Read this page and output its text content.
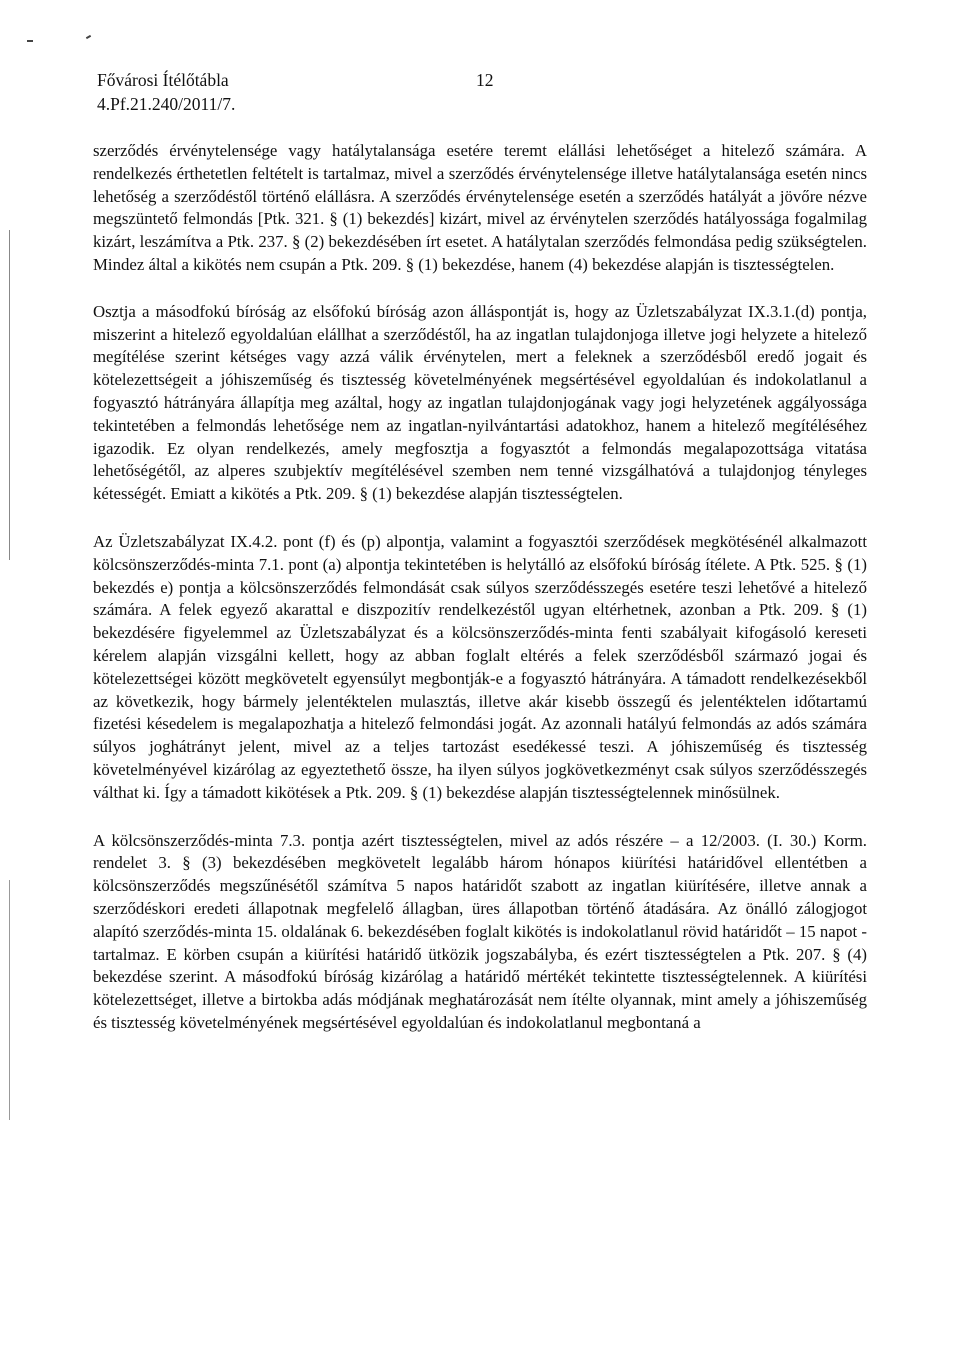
Fővárosi Ítélőtábla
4.Pf.21.240/2011/7.
12

szerződés érvénytelensége vagy hatálytalansága esetére teremt elállási lehetőséget a hitelező számára. A rendelkezés érthetetlen feltételt is tartalmaz, mivel a szerződés érvénytelensége illetve hatálytalansága esetén nincs lehetőség a szerződéstől történő elállásra. A szerződés érvénytelensége esetén a szerződés hatályát a jövőre nézve megszüntető felmondás [Ptk. 321. § (1) bekezdés] kizárt, mivel az érvénytelen szerződés hatályossága fogalmilag kizárt, leszámítva a Ptk. 237. § (2) bekezdésében írt esetet. A hatálytalan szerződés felmondása pedig szükségtelen. Mindez által a kikötés nem csupán a Ptk. 209. § (1) bekezdése, hanem (4) bekezdése alapján is tisztességtelen.

Osztja a másodfokú bíróság az elsőfokú bíróság azon álláspontját is, hogy az Üzletszabályzat IX.3.1.(d) pontja, miszerint a hitelező egyoldalúan elállhat a szerződéstől, ha az ingatlan tulajdonjoga illetve jogi helyzete a hitelező megítélése szerint kétséges vagy azzá válik érvénytelen, mert a feleknek a szerződésből eredő jogait és kötelezettségeit a jóhiszeműség és tisztesség követelményének megsértésével egyoldalúan és indokolatlanul a fogyasztó hátrányára állapítja meg azáltal, hogy az ingatlan tulajdonjogának vagy jogi helyzetének aggályossága tekintetében a felmondás lehetősége nem az ingatlan-nyilvántartási adatokhoz, hanem a hitelező megítéléséhez igazodik. Ez olyan rendelkezés, amely megfosztja a fogyasztót a felmondás megalapozottsága vitatása lehetőségétől, az alperes szubjektív megítélésével szemben nem tenné vizsgálhatóvá a tulajdonjog tényleges kétességét. Emiatt a kikötés a Ptk. 209. § (1) bekezdése alapján tisztességtelen.

Az Üzletszabályzat IX.4.2. pont (f) és (p) alpontja, valamint a fogyasztói szerződések megkötésénél alkalmazott kölcsönszerződés-minta 7.1. pont (a) alpontja tekintetében is helytálló az elsőfokú bíróság ítélete. A Ptk. 525. § (1) bekezdés e) pontja a kölcsönszerződés felmondását csak súlyos szerződésszegés esetére teszi lehetővé a hitelező számára. A felek egyező akarattal e diszpozitív rendelkezéstől ugyan eltérhetnek, azonban a Ptk. 209. § (1) bekezdésére figyelemmel az Üzletszabályzat és a kölcsönszerződés-minta fenti szabályait kifogásoló kereseti kérelem alapján vizsgálni kellett, hogy az abban foglalt eltérés a felek szerződésből származó jogai és kötelezettségei között megkövetelt egyensúlyt megbontják-e a fogyasztó hátrányára. A támadott rendelkezésekből az következik, hogy bármely jelentéktelen mulasztás, illetve akár kisebb összegű és jelentéktelen időtartamú fizetési késedelem is megalapozhatja a hitelező felmondási jogát. Az azonnali hatályú felmondás az adós számára súlyos joghátrányt jelent, mivel az a teljes tartozást esedékessé teszi. A jóhiszeműség és tisztesség követelményével kizárólag az egyeztethető össze, ha ilyen súlyos jogkövetkezményt csak súlyos szerződésszegés válthat ki. Így a támadott kikötések a Ptk. 209. § (1) bekezdése alapján tisztességtelennek minősülnek.

A kölcsönszerződés-minta 7.3. pontja azért tisztességtelen, mivel az adós részére – a 12/2003. (I. 30.) Korm. rendelet 3. § (3) bekezdésében megkövetelt legalább három hónapos kiürítési határidővel ellentétben a kölcsönszerződés megszűnésétől számítva 5 napos határidőt szabott az ingatlan kiürítésére, illetve annak a szerződéskori eredeti állapotnak megfelelő állagban, üres állapotban történő átadására. Az önálló zálogjogot alapító szerződés-minta 15. oldalának 6. bekezdésében foglalt kikötés is indokolatlanul rövid határidőt – 15 napot - tartalmaz. E körben csupán a kiürítési határidő ütközik jogszabályba, és ezért tisztességtelen a Ptk. 207. § (4) bekezdése szerint. A másodfokú bíróság kizárólag a határidő mértékét tekintette tisztességtelennek. A kiürítési kötelezettséget, illetve a birtokba adás módjának meghatározását nem ítélte olyannak, mint amely a jóhiszeműség és tisztesség követelményének megsértésével egyoldalúan és indokolatlanul megbontaná a
